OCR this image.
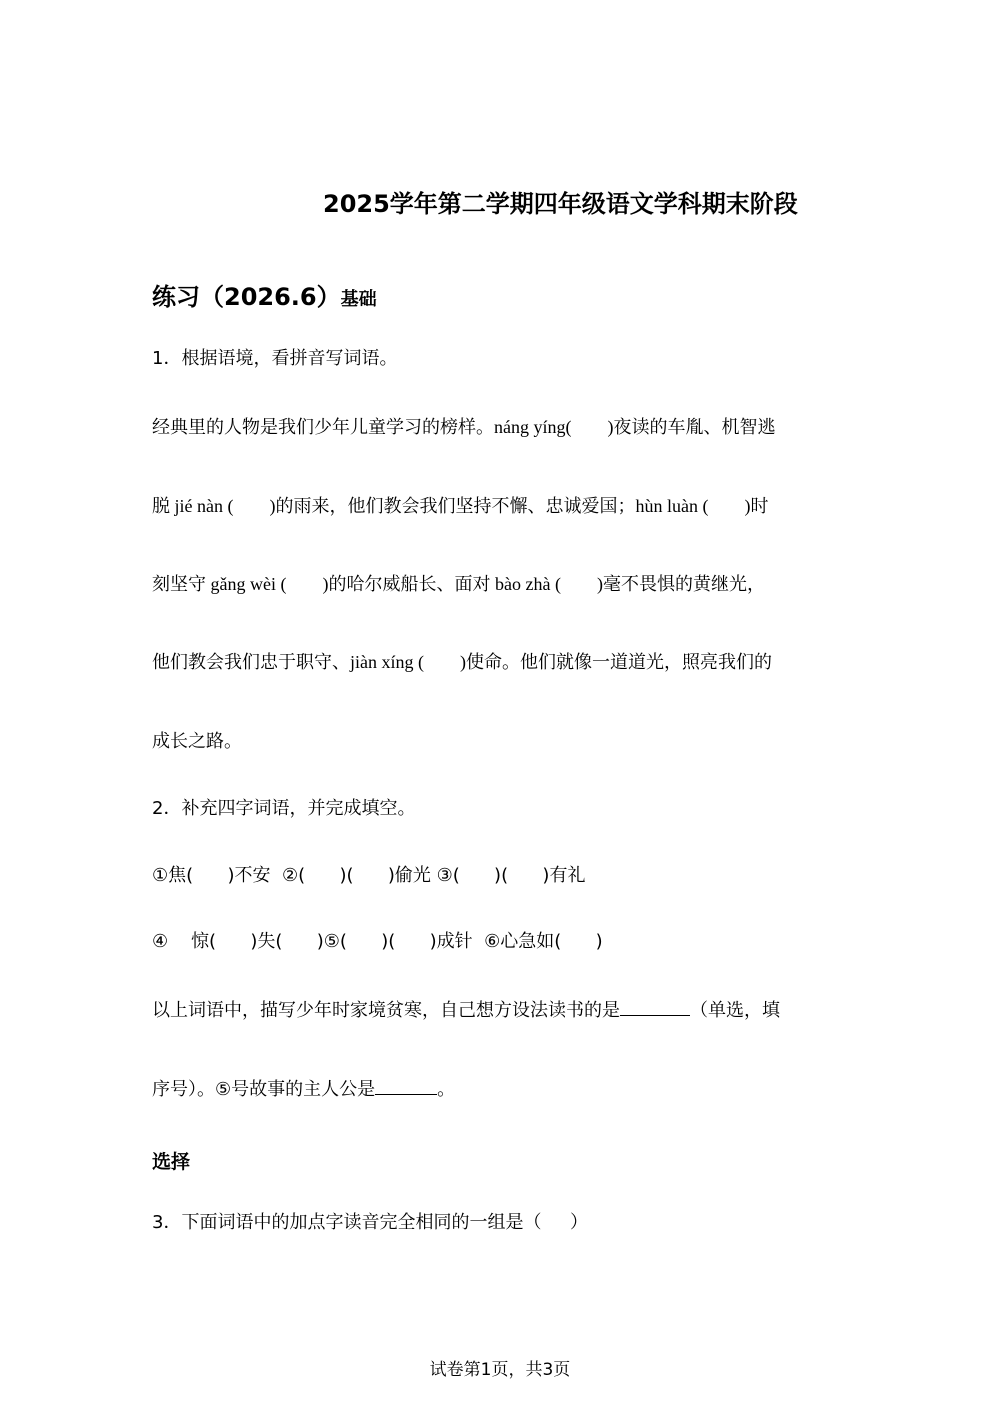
2025学年第二学期四年级语文学科期末阶段
练习（2026.6）基础
1．根据语境，看拼音写词语。
经典里的人物是我们少年儿童学习的榜样。náng yíng(        )夜读的车胤、机智逃
脱 jié nàn (        )的雨来，他们教会我们坚持不懈、忠诚爱国；hùn luàn (        )时
刻坚守 gǎng wèi (        )的哈尔威船长、面对 bào zhà (        )毫不畏惧的黄继光，
他们教会我们忠于职守、jiàn xíng (        )使命。他们就像一道道光，照亮我们的
成长之路。
2．补充四字词语，并完成填空。
①焦(      )不安  ②(      )(      )偷光 ③(      )(      )有礼
④    惊(      )失(      )⑤(      )(      )成针  ⑥心急如(      )
以上词语中，描写少年时家境贫寒，自己想方设法读书的是	（单选，填
序号）。⑤号故事的主人公是	。
选择
3．下面词语中的加点字读音完全相同的一组是（     ）
试卷第1页，共3页
